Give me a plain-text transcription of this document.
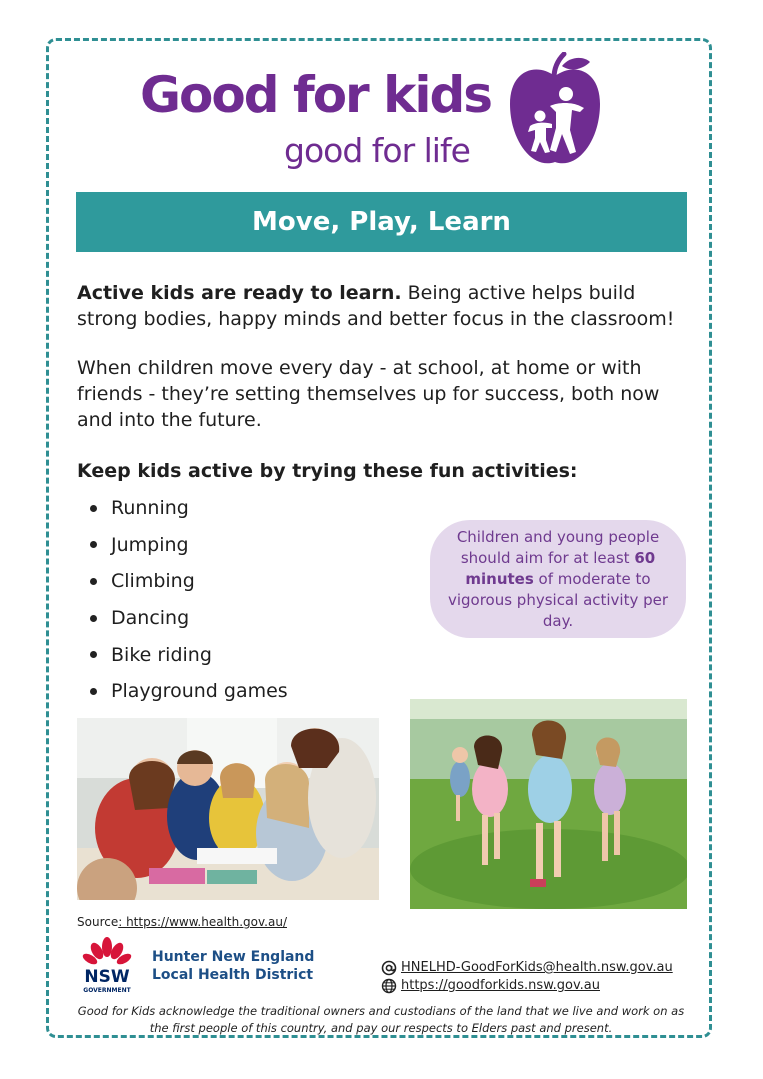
Good for kids
good for life
Move, Play, Learn
Active kids are ready to learn. Being active helps build strong bodies, happy minds and better focus in the classroom!
When children move every day - at school, at home or with friends - they’re setting themselves up for success, both now and into the future.
Keep kids active by trying these fun activities:
Running
Jumping
Climbing
Dancing
Bike riding
Playground games
Children and young people should aim for at least 60 minutes of moderate to vigorous physical activity per day.
Source: https://www.health.gov.au/
NSW
GOVERNMENT
Hunter New England
Local Health District	HNELHD-GoodForKids@health.nsw.gov.au
https://goodforkids.nsw.gov.au
Good for Kids acknowledge the traditional owners and custodians of the land that we live and work on as the first people of this country, and pay our respects to Elders past and present.
